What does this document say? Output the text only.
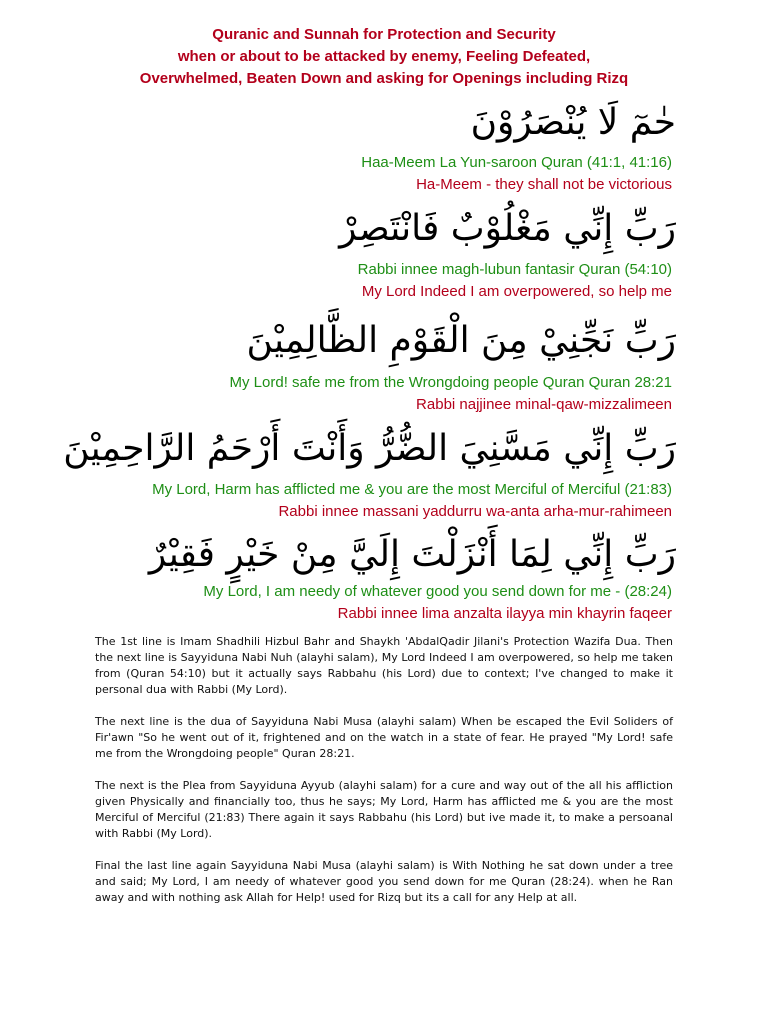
Quranic and Sunnah for Protection and Security
when or about to be attacked by enemy, Feeling Defeated,
Overwhelmed, Beaten Down and asking for Openings including Rizq
حٰمٓ لَا يُنْصَرُوْنَ
Haa-Meem La Yun-saroon Quran (41:1, 41:16)
Ha-Meem - they shall not be victorious
رَبِّ إِنِّي مَغْلُوْبٌ فَانْتَصِرْ
Rabbi innee magh-lubun fantasir Quran (54:10)
My Lord Indeed I am overpowered, so help me
رَبِّ نَجِّنِيْ مِنَ الْقَوْمِ الظَّالِمِيْنَ
My Lord! safe me from the Wrongdoing people Quran Quran 28:21
Rabbi najjinee minal-qaw-mizzalimeen
رَبِّ إِنِّي مَسَّنِيَ الضُّرُّ وَأَنْتَ أَرْحَمُ الرَّاحِمِيْنَ
My Lord, Harm has afflicted me & you are the most Merciful of Merciful (21:83)
Rabbi innee massani yaddurru wa-anta arha-mur-rahimeen
رَبِّ إِنِّي لِمَا أَنْزَلْتَ إِلَيَّ مِنْ خَيْرٍ فَقِيْرٌ
My Lord, I am needy of whatever good you send down for me - (28:24)
Rabbi innee lima anzalta ilayya min khayrin faqeer

The 1st line is Imam Shadhili Hizbul Bahr and Shaykh 'AbdalQadir Jilani's Protection Wazifa Dua. Then the next line is Sayyiduna Nabi Nuh (alayhi salam), My Lord Indeed I am overpowered, so help me taken from (Quran 54:10) but it actually says Rabbahu (his Lord) due to context; I've changed to make it personal dua with Rabbi (My Lord).

The next line is the dua of Sayyiduna Nabi Musa (alayhi salam) When be escaped the Evil Soliders of Fir'awn "So he went out of it, frightened and on the watch in a state of fear. He prayed "My Lord! safe me from the Wrongdoing people" Quran 28:21.

The next is the Plea from Sayyiduna Ayyub (alayhi salam) for a cure and way out of the all his affliction given Physically and financially too, thus he says; My Lord, Harm has afflicted me & you are the most Merciful of Merciful (21:83) There again it says Rabbahu (his Lord) but ive made it, to make a persoanal with Rabbi (My Lord).

Final the last line again Sayyiduna Nabi Musa (alayhi salam) is With Nothing he sat down under a tree and said; My Lord, I am needy of whatever good you send down for me Quran (28:24). when he Ran away and with nothing ask Allah for Help! used for Rizq but its a call for any Help at all.
